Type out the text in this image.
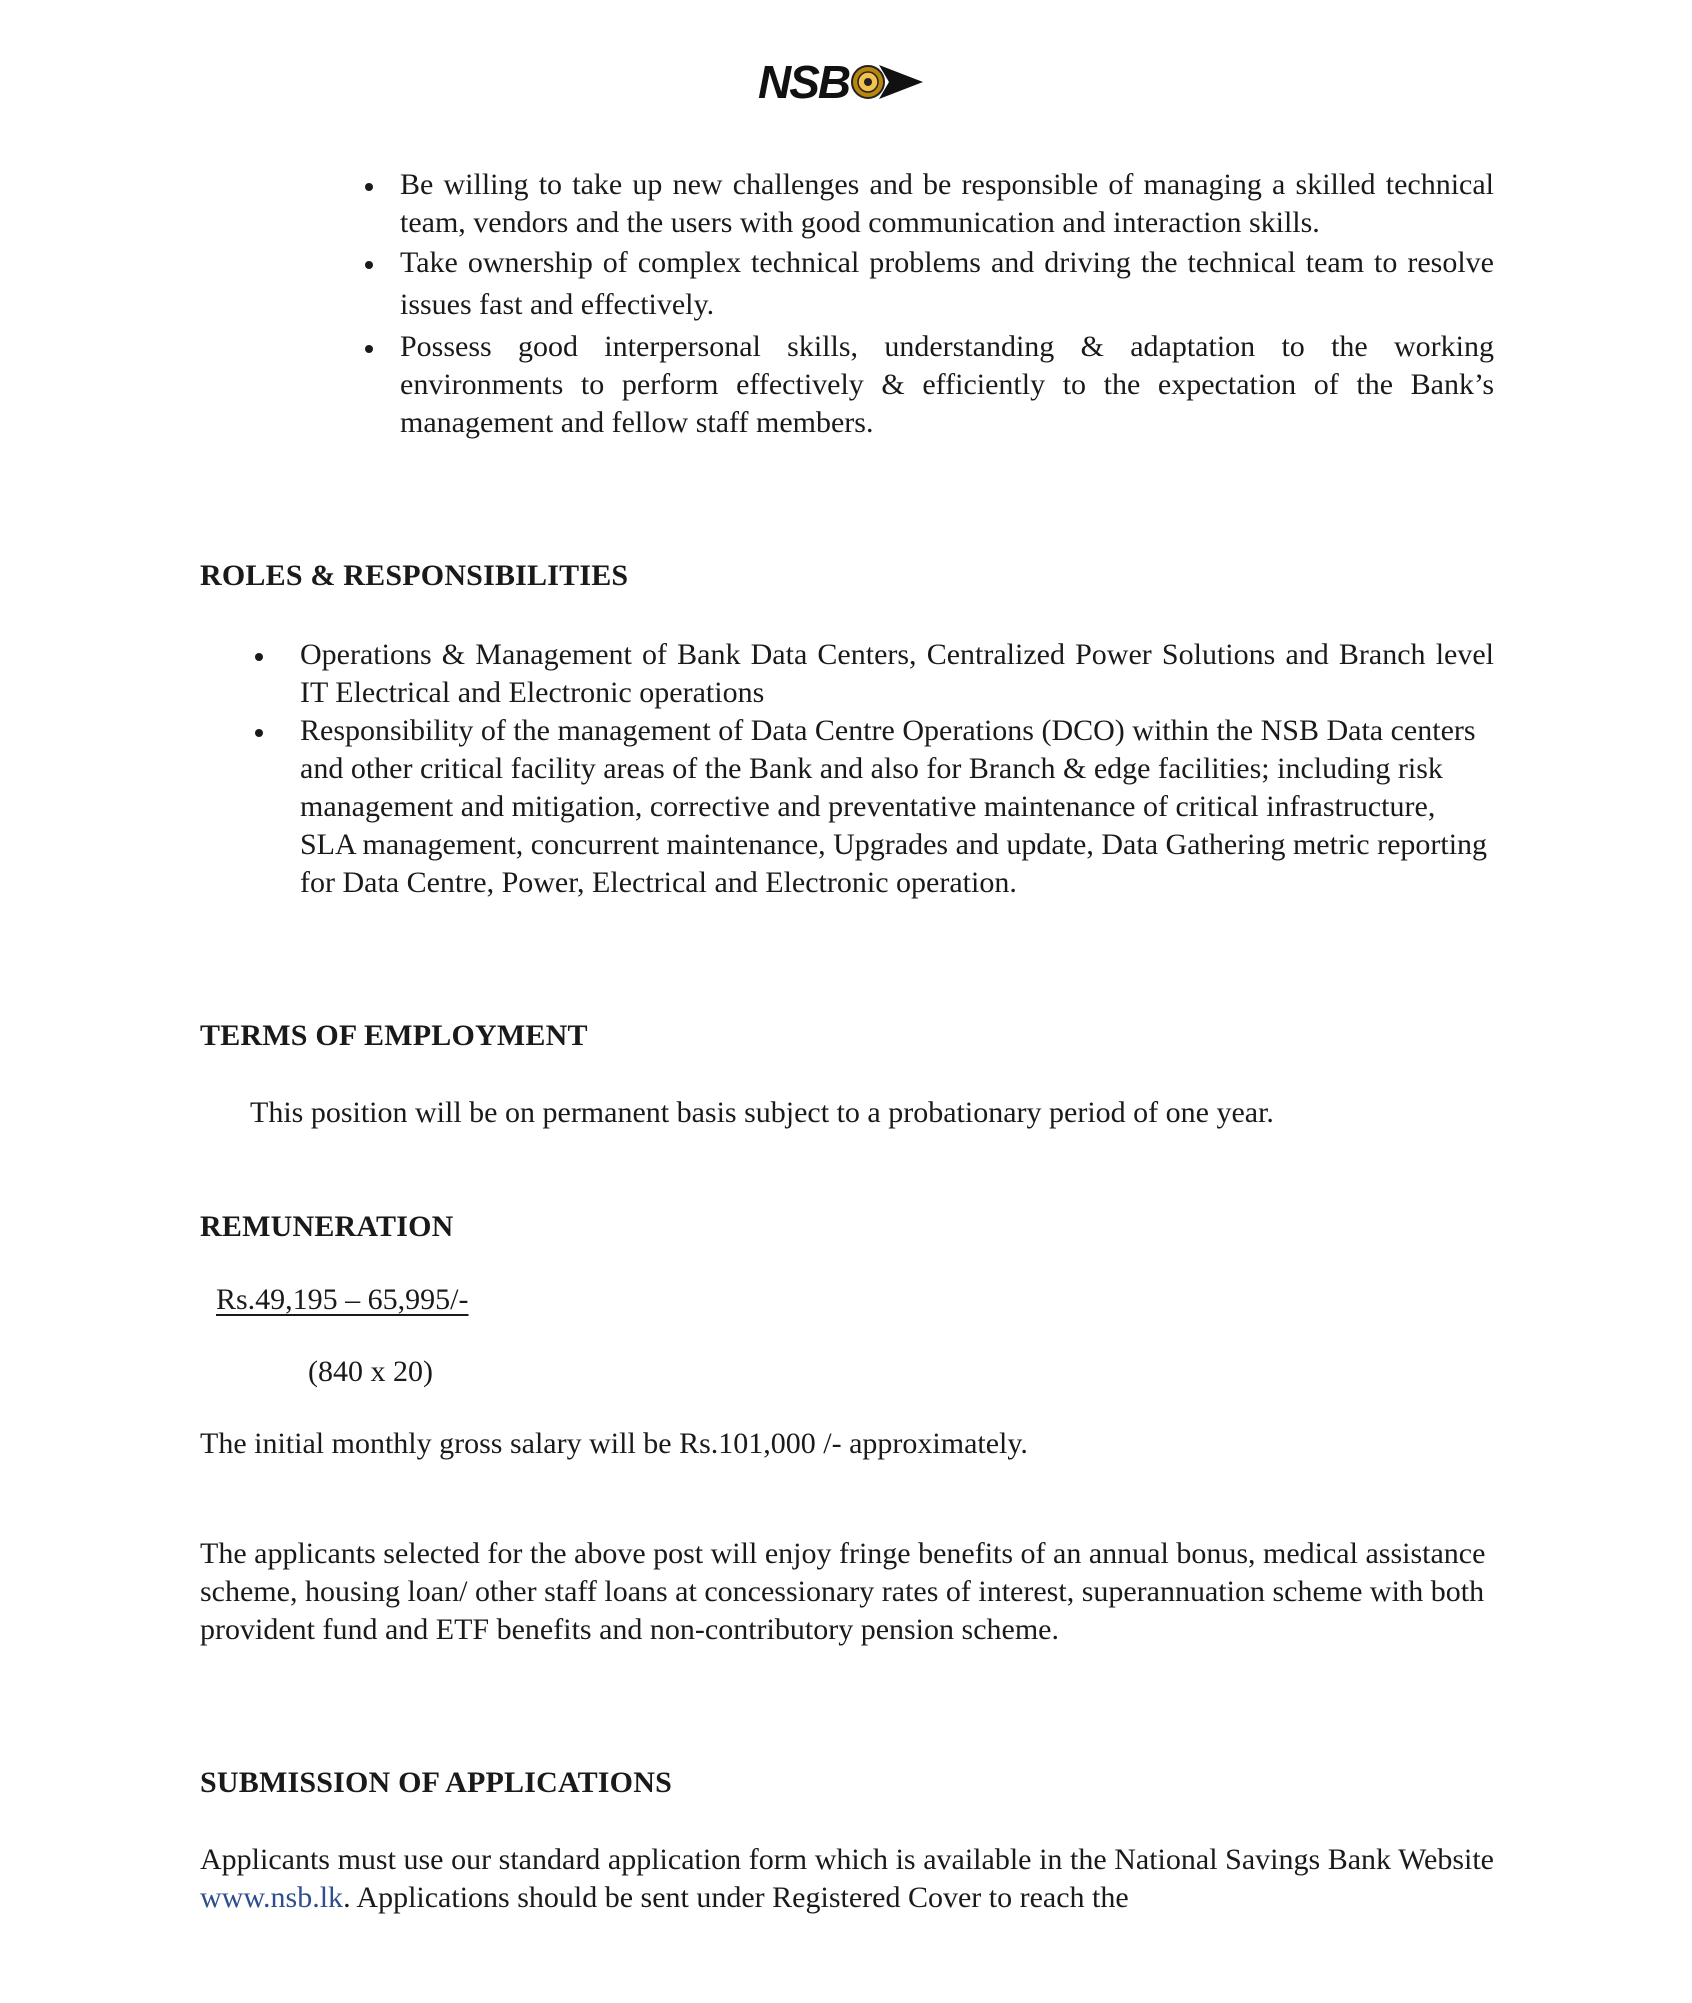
NSB
Be willing to take up new challenges and be responsible of managing a skilled technical team, vendors and the users with good communication and interaction skills.
Take ownership of complex technical problems and driving the technical team to resolve issues fast and effectively.
Possess good interpersonal skills, understanding & adaptation to the working environments to perform effectively & efficiently to the expectation of the Bank’s management and fellow staff members.
ROLES & RESPONSIBILITIES
Operations & Management of Bank Data Centers, Centralized Power Solutions and Branch level IT Electrical and Electronic operations
Responsibility of the management of Data Centre Operations (DCO) within the NSB Data centers and other critical facility areas of the Bank and also for Branch & edge facilities; including risk management and mitigation, corrective and preventative maintenance of critical infrastructure, SLA management, concurrent maintenance, Upgrades and update, Data Gathering metric reporting for Data Centre, Power, Electrical and Electronic operation.
TERMS OF EMPLOYMENT
This position will be on permanent basis subject to a probationary period of one year.
REMUNERATION
Rs.49,195 – 65,995/-
(840 x 20)
The initial monthly gross salary will be Rs.101,000 /- approximately.
The applicants selected for the above post will enjoy fringe benefits of an annual bonus, medical assistance scheme, housing loan/ other staff loans at concessionary rates of interest, superannuation scheme with both provident fund and ETF benefits and non-contributory pension scheme.
SUBMISSION OF APPLICATIONS
Applicants must use our standard application form which is available in the National Savings Bank Website www.nsb.lk. Applications should be sent under Registered Cover to reach the
